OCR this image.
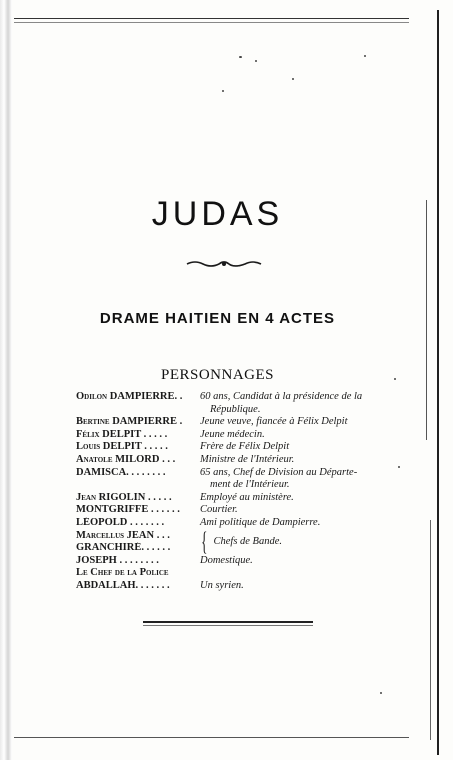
JUDAS
DRAME HAITIEN EN 4 ACTES
PERSONNAGES
Odilon DAMPIERRE. .	60 ans, Candidat à la présidence de la
République.
Bertine DAMPIERRE .	Jeune veuve, fiancée à Félix Delpit
Félix DELPIT . . . . .	Jeune médecin.
Louis DELPIT . . . . .	Frère de Félix Delpit
Anatole MILORD . . .	Ministre de l'Intérieur.
DAMISCA. . . . . . . .	65 ans, Chef de Division au Départe-
ment de l'Intérieur.
Jean RIGOLIN . . . . .	Employé au ministère.
MONTGRIFFE . . . . . .	Courtier.
LÉOPOLD . . . . . . .	Ami politique de Dampierre.
Marcellus JEAN . . .
GRANCHIRÉ. . . . . .	{ Chefs de Bande.
JOSEPH . . . . . . . .	Domestique.
Le Chef de la Police
ABDALLAH. . . . . . .	Un syrien.
